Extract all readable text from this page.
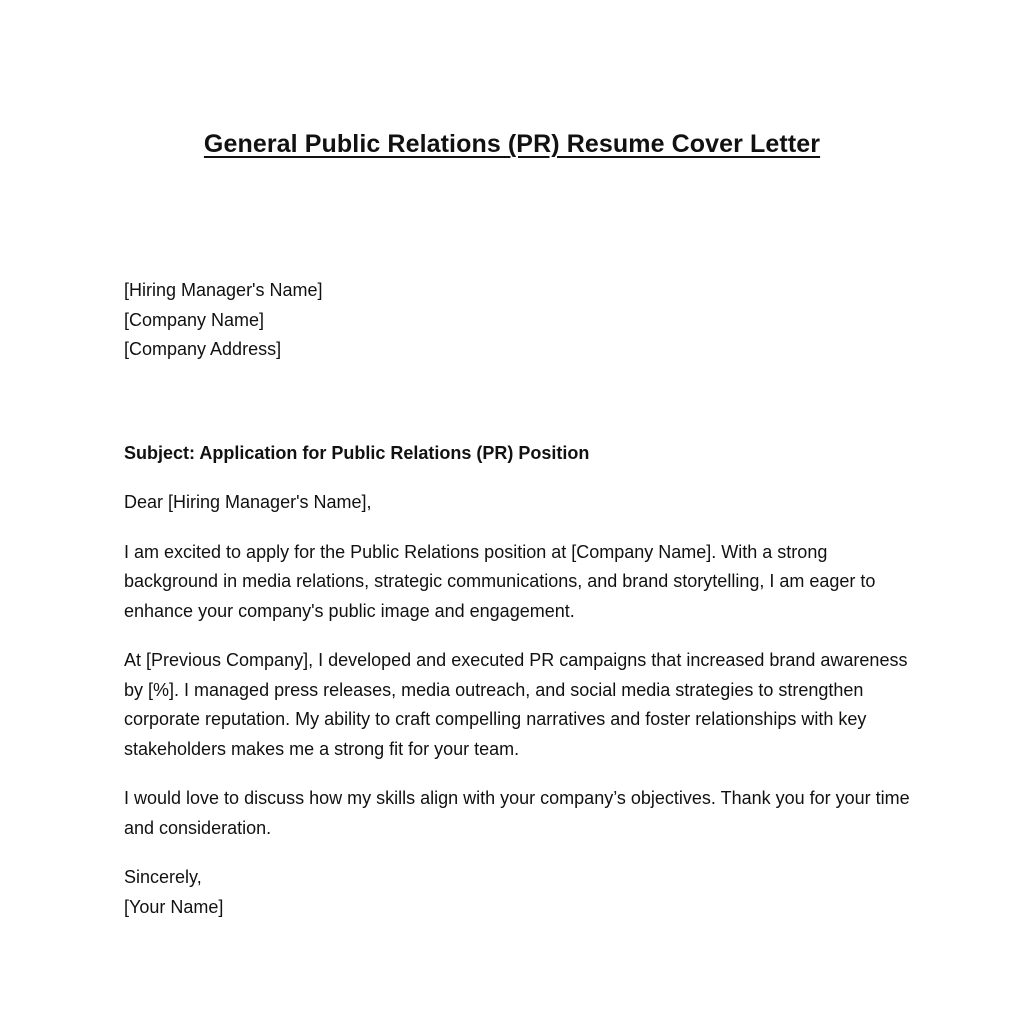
General Public Relations (PR) Resume Cover Letter
[Hiring Manager's Name]
[Company Name]
[Company Address]
Subject: Application for Public Relations (PR) Position
Dear [Hiring Manager's Name],
I am excited to apply for the Public Relations position at [Company Name]. With a strong background in media relations, strategic communications, and brand storytelling, I am eager to enhance your company's public image and engagement.
At [Previous Company], I developed and executed PR campaigns that increased brand awareness by [%]. I managed press releases, media outreach, and social media strategies to strengthen corporate reputation. My ability to craft compelling narratives and foster relationships with key stakeholders makes me a strong fit for your team.
I would love to discuss how my skills align with your company’s objectives. Thank you for your time and consideration.
Sincerely,
[Your Name]
